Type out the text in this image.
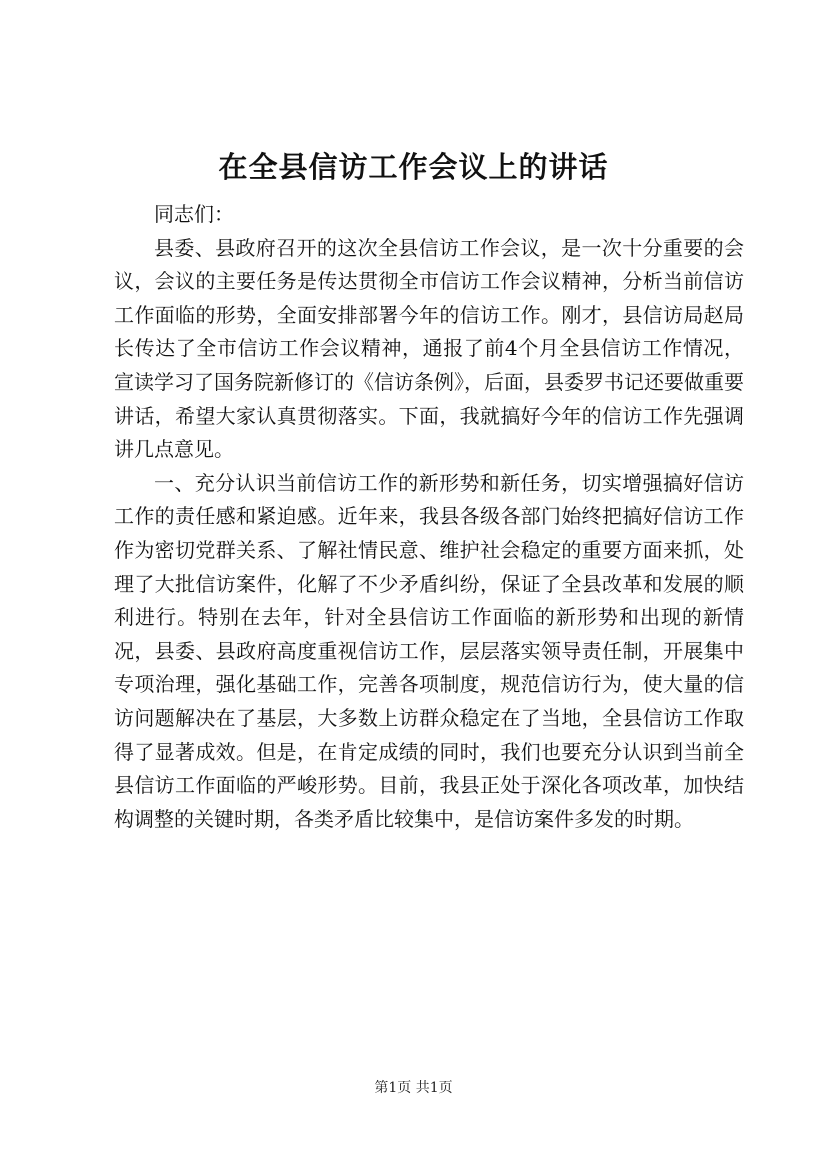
在全县信访工作会议上的讲话

同志们：

县委、县政府召开的这次全县信访工作会议，是一次十分重要的会议，会议的主要任务是传达贯彻全市信访工作会议精神，分析当前信访工作面临的形势，全面安排部署今年的信访工作。刚才，县信访局赵局长传达了全市信访工作会议精神，通报了前4个月全县信访工作情况，宣读学习了国务院新修订的《信访条例》，后面，县委罗书记还要做重要讲话，希望大家认真贯彻落实。下面，我就搞好今年的信访工作先强调讲几点意见。

一、充分认识当前信访工作的新形势和新任务，切实增强搞好信访工作的责任感和紧迫感。近年来，我县各级各部门始终把搞好信访工作作为密切党群关系、了解社情民意、维护社会稳定的重要方面来抓，处理了大批信访案件，化解了不少矛盾纠纷，保证了全县改革和发展的顺利进行。特别在去年，针对全县信访工作面临的新形势和出现的新情况，县委、县政府高度重视信访工作，层层落实领导责任制，开展集中专项治理，强化基础工作，完善各项制度，规范信访行为，使大量的信访问题解决在了基层，大多数上访群众稳定在了当地，全县信访工作取得了显著成效。但是，在肯定成绩的同时，我们也要充分认识到当前全县信访工作面临的严峻形势。目前，我县正处于深化各项改革，加快结构调整的关键时期，各类矛盾比较集中，是信访案件多发的时期。

第1页 共1页
